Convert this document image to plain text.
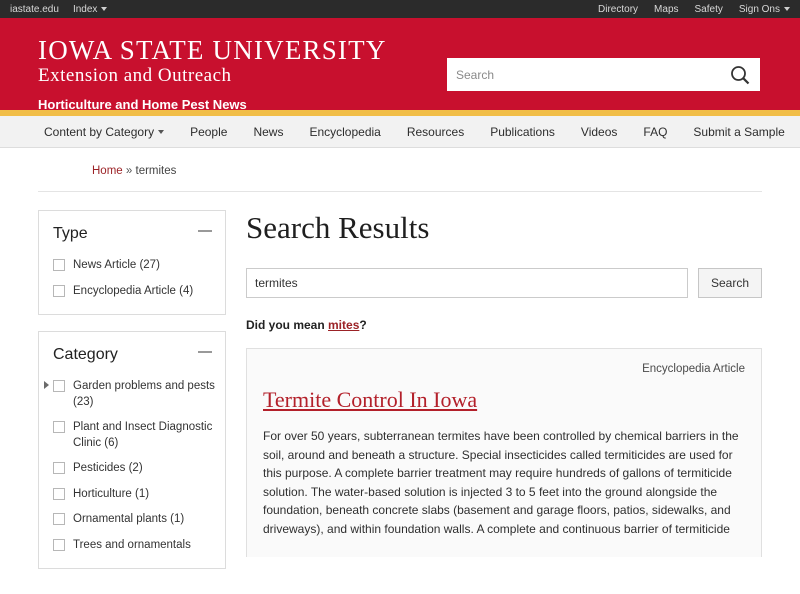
iastate.edu Index	Directory Maps Safety Sign Ons
IOWA STATE UNIVERSITY
Extension and Outreach
Horticulture and Home Pest News
Search
Content by Category	People	News	Encyclopedia	Resources	Publications	Videos	FAQ	Submit a Sample
Home » termites
Type
News Article (27)
Encyclopedia Article (4)
Category
Garden problems and pests (23)
Plant and Insect Diagnostic Clinic (6)
Pesticides (2)
Horticulture (1)
Ornamental plants (1)
Trees and ornamentals
Search Results
termites
Search
Did you mean mites?
Encyclopedia Article
Termite Control In Iowa

For over 50 years, subterranean termites have been controlled by chemical barriers in the soil, around and beneath a structure. Special insecticides called termiticides are used for this purpose. A complete barrier treatment may require hundreds of gallons of termiticide solution. The water-based solution is injected 3 to 5 feet into the ground alongside the foundation, beneath concrete slabs (basement and garage floors, patios, sidewalks, and driveways), and within foundation walls. A complete and continuous barrier of termiticide
